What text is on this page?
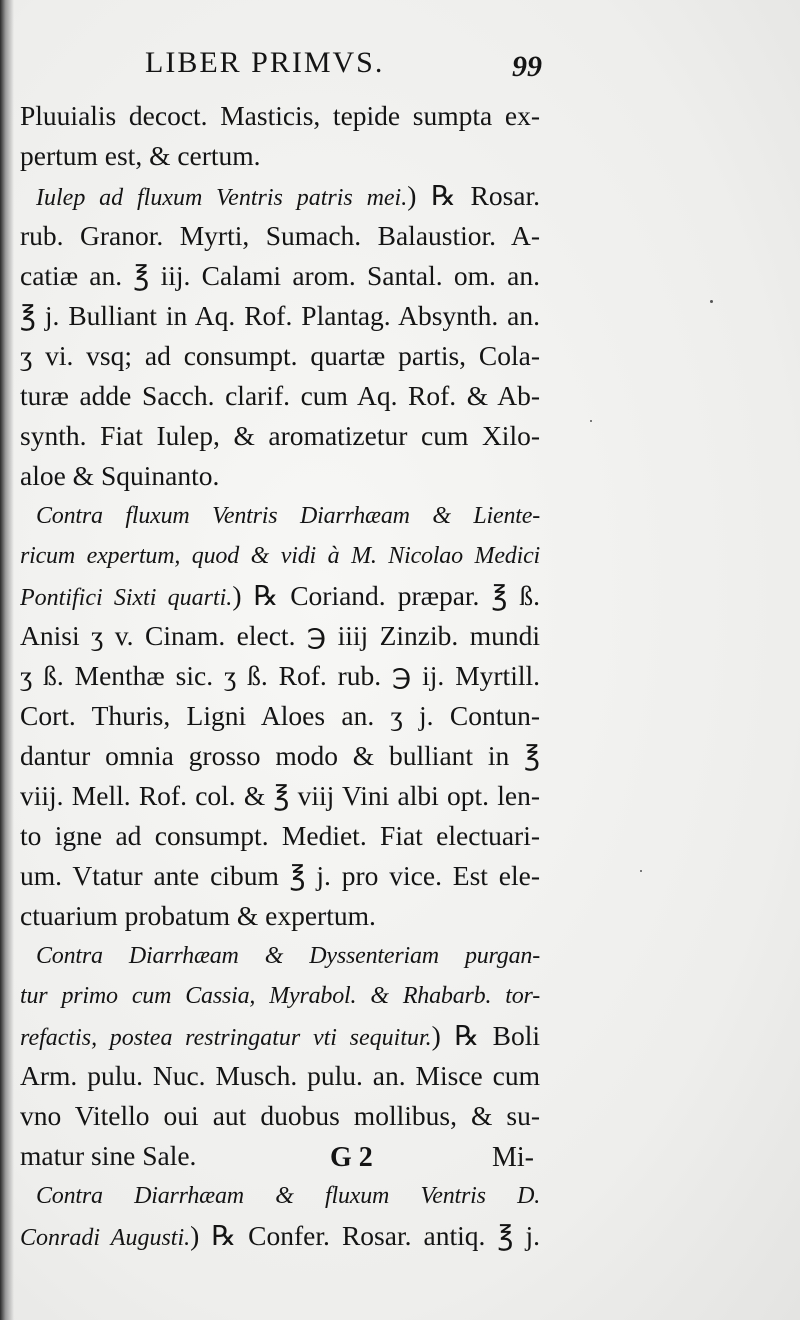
LIBER PRIMVS.	99
Pluuialis decoct. Masticis, tepide sumpta ex-
pertum est, & certum.
Iulep ad fluxum Ventris patris mei.) ℞ Rosar.
rub. Granor. Myrti, Sumach. Balaustior. A-
catiæ an. ℥ iij. Calami arom. Santal. om. an.
℥ j. Bulliant in Aq. Rof. Plantag. Absynth. an.
ʒ vi. vsq; ad consumpt. quartæ partis, Cola-
turæ adde Sacch. clarif. cum Aq. Rof. & Ab-
synth. Fiat Iulep, & aromatizetur cum Xilo-
aloe & Squinanto.
Contra fluxum Ventris Diarrhæam & Liente-
ricum expertum, quod & vidi à M. Nicolao Medici
Pontifici Sixti quarti.) ℞ Coriand. præpar. ℥ ß.
Anisi ʒ v. Cinam. elect. ℈ iiij Zinzib. mundi
ʒ ß. Menthæ sic. ʒ ß. Rof. rub. ℈ ij. Myrtill.
Cort. Thuris, Ligni Aloes an. ʒ j. Contun-
dantur omnia grosso modo & bulliant in ℥
viij. Mell. Rof. col. & ℥ viij Vini albi opt. len-
to igne ad consumpt. Mediet. Fiat electuari-
um. Vtatur ante cibum ℥ j. pro vice. Est ele-
ctuarium probatum & expertum.
Contra Diarrhæam & Dyssenteriam purgan-
tur primo cum Cassia, Myrabol. & Rhabarb. tor-
refactis, postea restringatur vti sequitur.) ℞ Boli
Arm. pulu. Nuc. Musch. pulu. an. Misce cum
vno Vitello oui aut duobus mollibus, & su-
matur sine Sale.
Contra Diarrhæam & fluxum Ventris D.
Conradi Augusti.) ℞ Confer. Rosar. antiq. ℥ j.
G 2	Mi-
